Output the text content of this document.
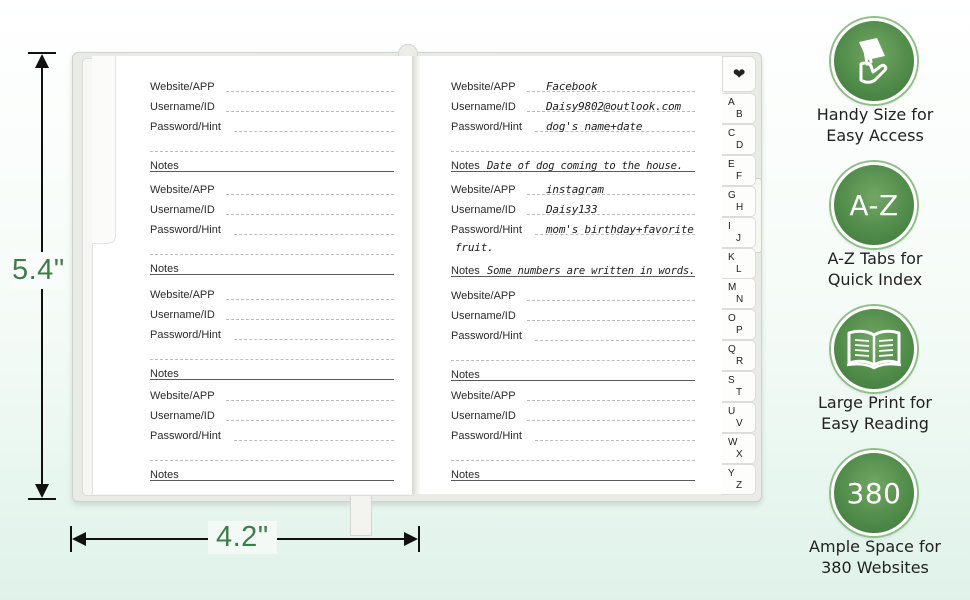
5.4"
4.2"
Website/APP
Username/ID
Password/Hint
Notes
Website/APP
Username/ID
Password/Hint
Notes
Website/APP
Username/ID
Password/Hint
Notes
Website/APP
Username/ID
Password/Hint
Notes
Website/APP	Facebook
Username/ID	Daisy9802@outlook.com
Password/Hint dog's name+date
Notes Date of dog coming to the house.
Website/APP	instagram
Username/ID	Daisy133
Password/Hint mom's birthday+favorite
fruit.
Notes Some numbers are written in words.
Website/APP
Username/ID
Password/Hint
Notes
Website/APP
Username/ID
Password/Hint
Notes
❤
A
B
C
D
E
F
G
H
I
J
K
L
M
N
O
P
Q
R
S
T
U
V
W
X
Y
Z
Handy Size for
Easy Access
A-Z
A-Z Tabs for
Quick Index
Large Print for
Easy Reading
380
Ample Space for
380 Websites
